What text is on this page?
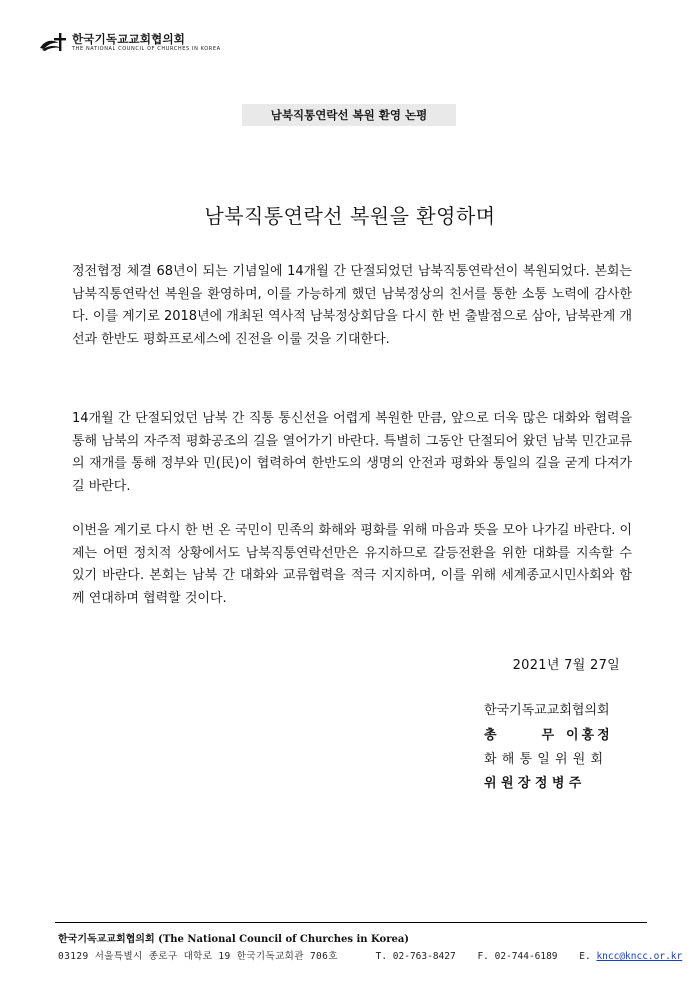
한국기독교교회협의회
THE NATIONAL COUNCIL OF CHURCHES IN KOREA
남북직통연락선 복원 환영 논평
남북직통연락선 복원을 환영하며
정전협정 체결 68년이 되는 기념일에 14개월 간 단절되었던 남북직통연락선이 복원되었다. 본회는 남북직통연락선 복원을 환영하며, 이를 가능하게 했던 남북정상의 친서를 통한 소통 노력에 감사한다. 이를 계기로 2018년에 개최된 역사적 남북정상회담을 다시 한 번 출발점으로 삼아, 남북관계 개선과 한반도 평화프로세스에 진전을 이룰 것을 기대한다.
14개월 간 단절되었던 남북 간 직통 통신선을 어렵게 복원한 만큼, 앞으로 더욱 많은 대화와 협력을 통해 남북의 자주적 평화공조의 길을 열어가기 바란다. 특별히 그동안 단절되어 왔던 남북 민간교류의 재개를 통해 정부와 민(民)이 협력하여 한반도의 생명의 안전과 평화와 통일의 길을 굳게 다져가길 바란다.
이번을 계기로 다시 한 번 온 국민이 민족의 화해와 평화를 위해 마음과 뜻을 모아 나가길 바란다. 이제는 어떤 정치적 상황에서도 남북직통연락선만은 유지하므로 갈등전환을 위한 대화를 지속할 수 있기 바란다. 본회는 남북 간 대화와 교류협력을 적극 지지하며, 이를 위해 세계종교시민사회와 함께 연대하며 협력할 것이다.
2021년 7월 27일
한국기독교교회협의회
총	무 이홍정
화해통일위원회
위원장정병주
한국기독교교회협의회 (The National Council of Churches in Korea)
03129 서울특별시 종로구 대학로 19 한국기독교회관 706호	T. 02-763-8427 F. 02-744-6189 E. kncc@kncc.or.kr
